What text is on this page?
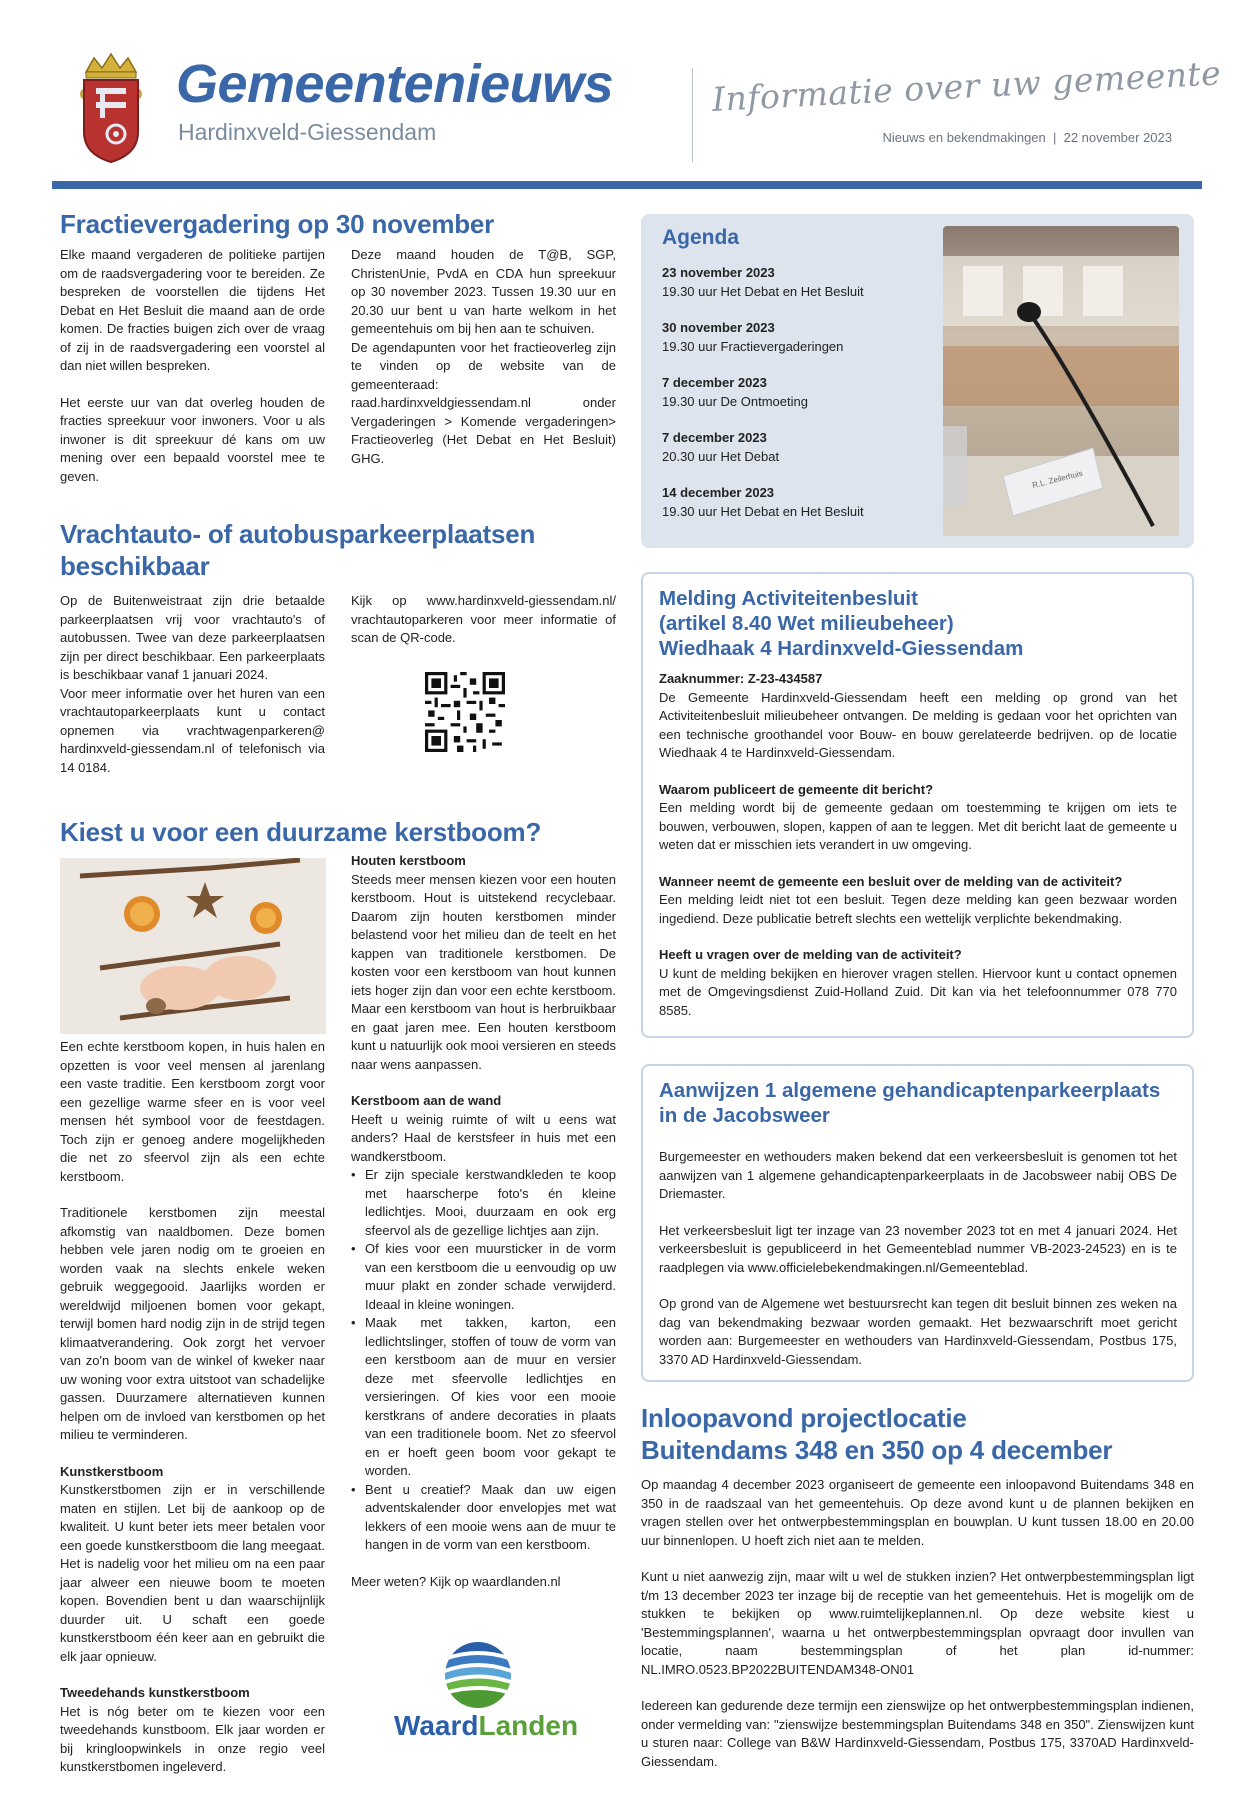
Gemeentenieuws
Hardinxveld-Giessendam
Informatie over uw gemeente
Nieuws en bekendmakingen  |  22 november 2023
Fractievergadering op 30 november

Elke maand vergaderen de politieke partijen om de raadsvergadering voor te bereiden. Ze bespreken de voorstellen die tijdens Het Debat en Het Besluit die maand aan de orde komen. De fracties buigen zich over de vraag of zij in de raadsvergadering een voorstel al dan niet willen bespreken.

Het eerste uur van dat overleg houden de fracties spreekuur voor inwoners. Voor u als inwoner is dit spreekuur dé kans om uw mening over een bepaald voorstel mee te geven.

Deze maand houden de T@B, SGP, ChristenUnie, PvdA en CDA hun spreekuur op 30 november 2023. Tussen 19.30 uur en 20.30 uur bent u van harte welkom in het gemeentehuis om bij hen aan te schuiven.

De agendapunten voor het fractieoverleg zijn te vinden op de website van de gemeenteraad: raad.hardinxveldgiessendam.nl onder Vergaderingen > Komende vergaderingen> Fractieoverleg (Het Debat en Het Besluit) GHG.

Agenda
23 november 2023
19.30 uur Het Debat en Het Besluit
30 november 2023
19.30 uur Fractievergaderingen
7 december 2023
19.30 uur De Ontmoeting
7 december 2023
20.30 uur Het Debat
14 december 2023
19.30 uur Het Debat en Het Besluit
R.L. Zeilerhuis
Vrachtauto- of autobusparkeerplaatsen
beschikbaar

Op de Buitenweistraat zijn drie betaalde parkeerplaatsen vrij voor vrachtauto's of autobussen. Twee van deze parkeerplaatsen zijn per direct beschikbaar. Een parkeerplaats is beschikbaar vanaf 1 januari 2024.

Voor meer informatie over het huren van een vrachtautoparkeerplaats kunt u contact opnemen via vrachtwagenparkeren@ hardinxveld-giessendam.nl of telefonisch via 14 0184.

Kijk op www.hardinxveld-giessendam.nl/ vrachtautoparkeren voor meer informatie of scan de QR-code.

Kiest u voor een duurzame kerstboom?

Een echte kerstboom kopen, in huis halen en opzetten is voor veel mensen al jarenlang een vaste traditie. Een kerstboom zorgt voor een gezellige warme sfeer en is voor veel mensen hét symbool voor de feestdagen. Toch zijn er genoeg andere mogelijkheden die net zo sfeervol zijn als een echte kerstboom.

Traditionele kerstbomen zijn meestal afkomstig van naaldbomen. Deze bomen hebben vele jaren nodig om te groeien en worden vaak na slechts enkele weken gebruik weggegooid. Jaarlijks worden er wereldwijd miljoenen bomen voor gekapt, terwijl bomen hard nodig zijn in de strijd tegen klimaatverandering. Ook zorgt het vervoer van zo'n boom van de winkel of kweker naar uw woning voor extra uitstoot van schadelijke gassen. Duurzamere alternatieven kunnen helpen om de invloed van kerstbomen op het milieu te verminderen.

Kunstkerstboom

Kunstkerstbomen zijn er in verschillende maten en stijlen. Let bij de aankoop op de kwaliteit. U kunt beter iets meer betalen voor een goede kunstkerstboom die lang meegaat. Het is nadelig voor het milieu om na een paar jaar alweer een nieuwe boom te moeten kopen. Bovendien bent u dan waarschijnlijk duurder uit. U schaft een goede kunstkerstboom één keer aan en gebruikt die elk jaar opnieuw.

Tweedehands kunstkerstboom

Het is nóg beter om te kiezen voor een tweedehands kunstboom. Elk jaar worden er bij kringloopwinkels in onze regio veel kunstkerstbomen ingeleverd.

Houten kerstboom

Steeds meer mensen kiezen voor een houten kerstboom. Hout is uitstekend recyclebaar. Daarom zijn houten kerstbomen minder belastend voor het milieu dan de teelt en het kappen van traditionele kerstbomen. De kosten voor een kerstboom van hout kunnen iets hoger zijn dan voor een echte kerstboom. Maar een kerstboom van hout is herbruikbaar en gaat jaren mee. Een houten kerstboom kunt u natuurlijk ook mooi versieren en steeds naar wens aanpassen.

Kerstboom aan de wand

Heeft u weinig ruimte of wilt u eens wat anders? Haal de kerstsfeer in huis met een wandkerstboom.

• Er zijn speciale kerstwandkleden te koop met haarscherpe foto's én kleine ledlichtjes. Mooi, duurzaam en ook erg sfeervol als de gezellige lichtjes aan zijn.
• Of kies voor een muursticker in de vorm van een kerstboom die u eenvoudig op uw muur plakt en zonder schade verwijderd. Ideaal in kleine woningen.
• Maak met takken, karton, een ledlichtslinger, stoffen of touw de vorm van een kerstboom aan de muur en versier deze met sfeervolle ledlichtjes en versieringen. Of kies voor een mooie kerstkrans of andere decoraties in plaats van een traditionele boom. Net zo sfeervol en er hoeft geen boom voor gekapt te worden.
• Bent u creatief? Maak dan uw eigen adventskalender door envelopjes met wat lekkers of een mooie wens aan de muur te hangen in de vorm van een kerstboom.

Meer weten? Kijk op waardlanden.nl

WaardLanden
Melding Activiteitenbesluit
(artikel 8.40 Wet milieubeheer)
Wiedhaak 4 Hardinxveld-Giessendam
Zaaknummer: Z-23-434587

De Gemeente Hardinxveld-Giessendam heeft een melding op grond van het Activiteitenbesluit milieubeheer ontvangen. De melding is gedaan voor het oprichten van een technische groothandel voor Bouw- en bouw gerelateerde bedrijven. op de locatie Wiedhaak 4 te Hardinxveld-Giessendam.

Waarom publiceert de gemeente dit bericht?

Een melding wordt bij de gemeente gedaan om toestemming te krijgen om iets te bouwen, verbouwen, slopen, kappen of aan te leggen. Met dit bericht laat de gemeente u weten dat er misschien iets verandert in uw omgeving.

Wanneer neemt de gemeente een besluit over de melding van de activiteit?

Een melding leidt niet tot een besluit. Tegen deze melding kan geen bezwaar worden ingediend. Deze publicatie betreft slechts een wettelijk verplichte bekendmaking.

Heeft u vragen over de melding van de activiteit?

U kunt de melding bekijken en hierover vragen stellen. Hiervoor kunt u contact opnemen met de Omgevingsdienst Zuid-Holland Zuid. Dit kan via het telefoonnummer 078 770 8585.

Aanwijzen 1 algemene gehandicaptenparkeerplaats
in de Jacobsweer

Burgemeester en wethouders maken bekend dat een verkeersbesluit is genomen tot het aanwijzen van 1 algemene gehandicaptenparkeerplaats in de Jacobsweer nabij OBS De Driemaster.

Het verkeersbesluit ligt ter inzage van 23 november 2023 tot en met 4 januari 2024. Het verkeersbesluit is gepubliceerd in het Gemeenteblad nummer VB-2023-24523) en is te raadplegen via www.officielebekendmakingen.nl/Gemeenteblad.

Op grond van de Algemene wet bestuursrecht kan tegen dit besluit binnen zes weken na dag van bekendmaking bezwaar worden gemaakt. Het bezwaarschrift moet gericht worden aan: Burgemeester en wethouders van Hardinxveld-Giessendam, Postbus 175, 3370 AD Hardinxveld-Giessendam.

Inloopavond projectlocatie
Buitendams 348 en 350 op 4 december

Op maandag 4 december 2023 organiseert de gemeente een inloopavond Buitendams 348 en 350 in de raadszaal van het gemeentehuis. Op deze avond kunt u de plannen bekijken en vragen stellen over het ontwerpbestemmingsplan en bouwplan. U kunt tussen 18.00 en 20.00 uur binnenlopen. U hoeft zich niet aan te melden.

Kunt u niet aanwezig zijn, maar wilt u wel de stukken inzien? Het ontwerpbestemmingsplan ligt t/m 13 december 2023 ter inzage bij de receptie van het gemeentehuis. Het is mogelijk om de stukken te bekijken op www.ruimtelijkeplannen.nl. Op deze website kiest u 'Bestemmingsplannen', waarna u het ontwerpbestemmingsplan opvraagt door invullen van locatie, naam bestemmingsplan of het plan id-nummer: NL.IMRO.0523.BP2022BUITENDAM348-ON01

Iedereen kan gedurende deze termijn een zienswijze op het ontwerpbestemmingsplan indienen, onder vermelding van: "zienswijze bestemmingsplan Buitendams 348 en 350". Zienswijzen kunt u sturen naar: College van B&W Hardinxveld-Giessendam, Postbus 175, 3370AD Hardinxveld-Giessendam.
